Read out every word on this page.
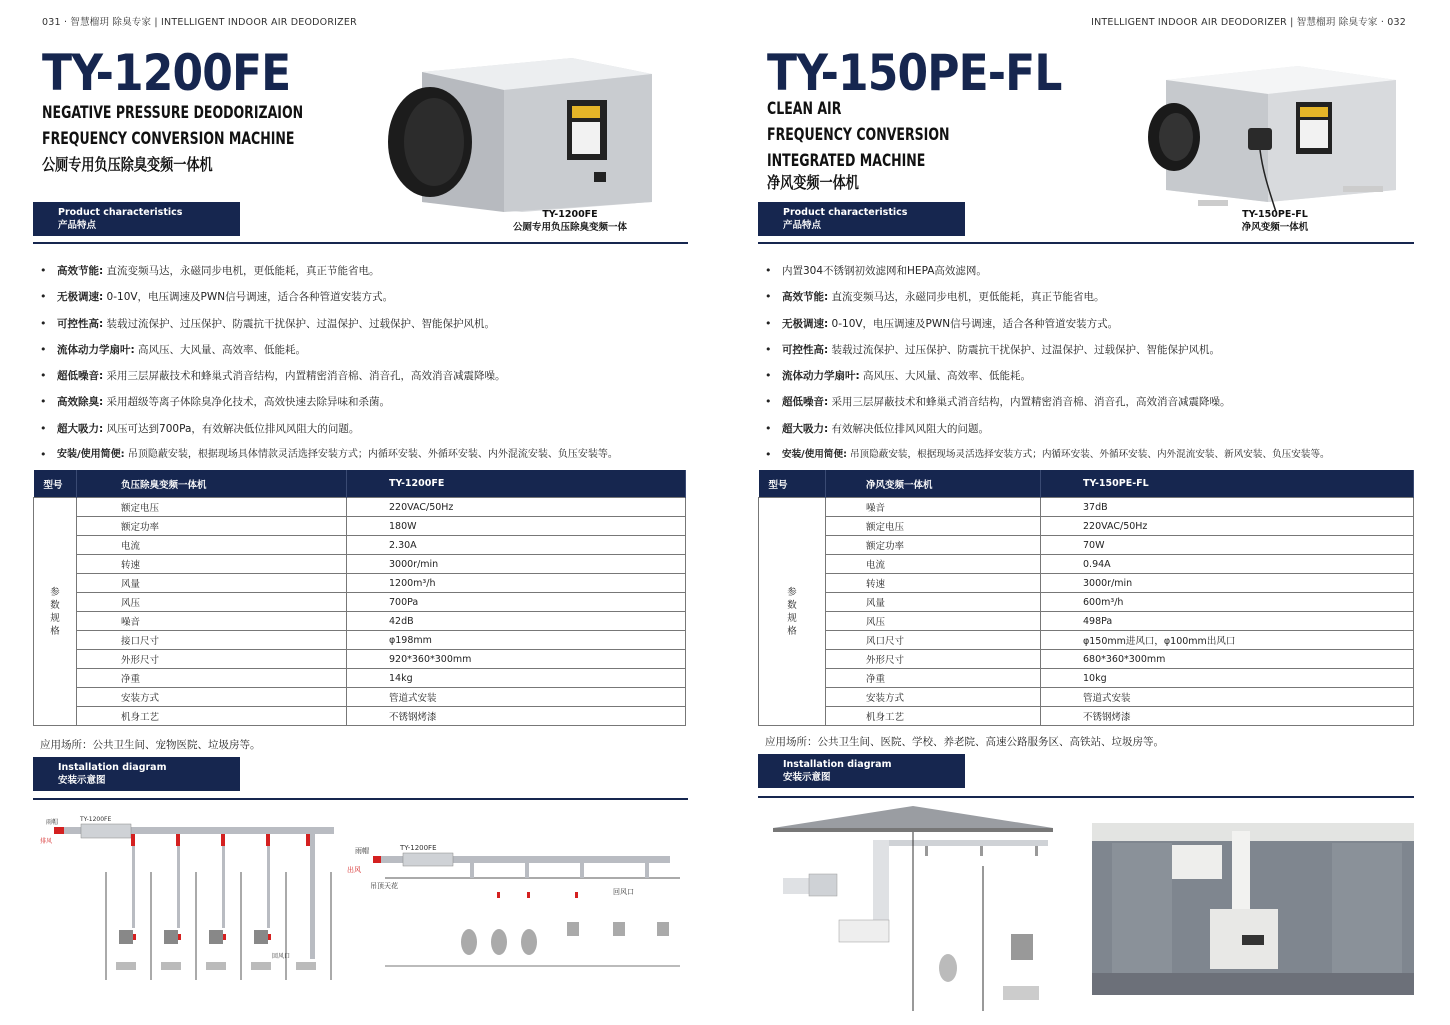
031 · 智慧榴玥 除臭专家 | INTELLIGENT INDOOR AIR DEODORIZER
TY-1200FE
NEGATIVE PRESSURE DEODORIZAION
FREQUENCY CONVERSION MACHINE
公厕专用负压除臭变频一体机
TY-1200FE
公厕专用负压除臭变频一体
Product characteristics
产品特点
• 高效节能: 直流变频马达，永磁同步电机，更低能耗，真正节能省电。
• 无极调速: 0-10V，电压调速及PWN信号调速，适合各种管道安装方式。
• 可控性高: 装载过流保护、过压保护、防震抗干扰保护、过温保护、过载保护、智能保护风机。
• 流体动力学扇叶: 高风压、大风量、高效率、低能耗。
• 超低噪音: 采用三层屏蔽技术和蜂巢式消音结构，内置精密消音棉、消音孔，高效消音减震降噪。
• 高效除臭: 采用超级等离子体除臭净化技术，高效快速去除异味和杀菌。
• 超大吸力: 风压可达到700Pa，有效解决低位排风风阻大的问题。
• 安装/使用简便: 吊顶隐蔽安装，根据现场具体情款灵活选择安装方式；内循环安装、外循环安装、内外混流安装、负压安装等。
型号	负压除臭变频一体机	TY-1200FE
参
数
规
格	额定电压	220VAC/50Hz
	额定功率	180W
	电流	2.30A
	转速	3000r/min
	风量	1200m³/h
	风压	700Pa
	噪音	42dB
	接口尺寸	φ198mm
	外形尺寸	920*360*300mm
	净重	14kg
	安装方式	管道式安装
	机身工艺	不锈钢烤漆
应用场所：公共卫生间、宠物医院、垃圾房等。
Installation diagram
安装示意图
雨帽
排风
TY-1200FE
回风口
雨帽
出风
TY-1200FE
吊顶天花
回风口
INTELLIGENT INDOOR AIR DEODORIZER | 智慧榴玥 除臭专家 · 032
TY-150PE-FL
CLEAN AIR
FREQUENCY CONVERSION
INTEGRATED MACHINE
净风变频一体机
TY-150PE-FL
净风变频一体机
Product characteristics
产品特点
• 内置304不锈钢初效滤网和HEPA高效滤网。
• 高效节能: 直流变频马达，永磁同步电机，更低能耗，真正节能省电。
• 无极调速: 0-10V，电压调速及PWN信号调速，适合各种管道安装方式。
• 可控性高: 装载过流保护、过压保护、防震抗干扰保护、过温保护、过载保护、智能保护风机。
• 流体动力学扇叶: 高风压、大风量、高效率、低能耗。
• 超低噪音: 采用三层屏蔽技术和蜂巢式消音结构，内置精密消音棉、消音孔，高效消音减震降噪。
• 超大吸力: 有效解决低位排风风阻大的问题。
• 安装/使用简便: 吊顶隐蔽安装，根据现场灵活选择安装方式；内循环安装、外循环安装、内外混流安装、新风安装、负压安装等。
型号	净风变频一体机	TY-150PE-FL
参
数
规
格	噪音	37dB
	额定电压	220VAC/50Hz
	额定功率	70W
	电流	0.94A
	转速	3000r/min
	风量	600m³/h
	风压	498Pa
	风口尺寸	φ150mm进风口，φ100mm出风口
	外形尺寸	680*360*300mm
	净重	10kg
	安装方式	管道式安装
	机身工艺	不锈钢烤漆
应用场所：公共卫生间、医院、学校、养老院、高速公路服务区、高铁站、垃圾房等。
Installation diagram
安装示意图
